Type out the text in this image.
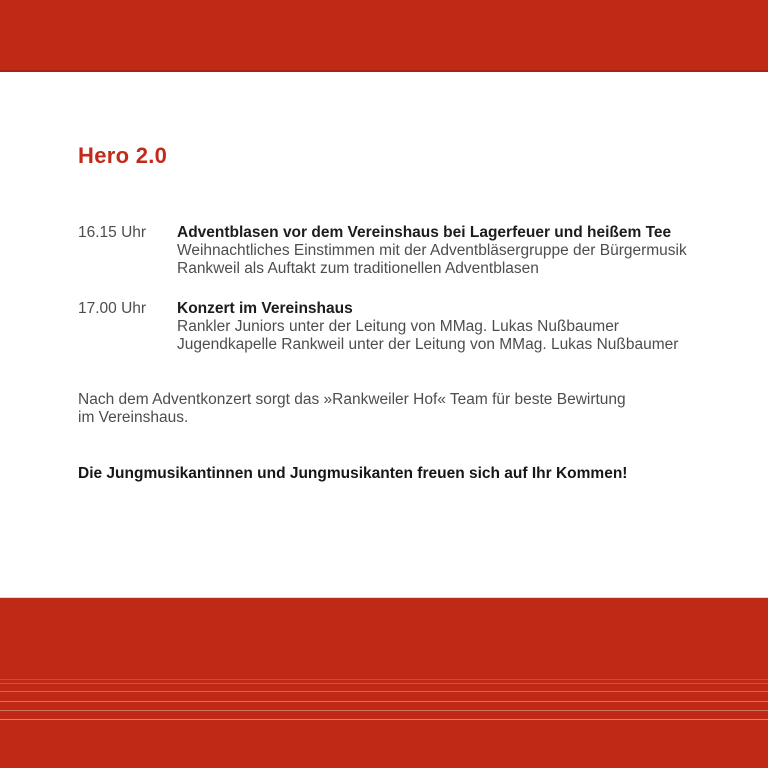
Hero 2.0
16.15 Uhr	Adventblasen vor dem Vereinshaus bei Lagerfeuer und heißem Tee
Weihnachtliches Einstimmen mit der Adventbläsergruppe der Bürgermusik
Rankweil als Auftakt zum traditionellen Adventblasen
17.00 Uhr	Konzert im Vereinshaus
Rankler Juniors unter der Leitung von MMag. Lukas Nußbaumer
Jugendkapelle Rankweil unter der Leitung von MMag. Lukas Nußbaumer
Nach dem Adventkonzert sorgt das »Rankweiler Hof« Team für beste Bewirtung
im Vereinshaus.
Die Jungmusikantinnen und Jungmusikanten freuen sich auf Ihr Kommen!
